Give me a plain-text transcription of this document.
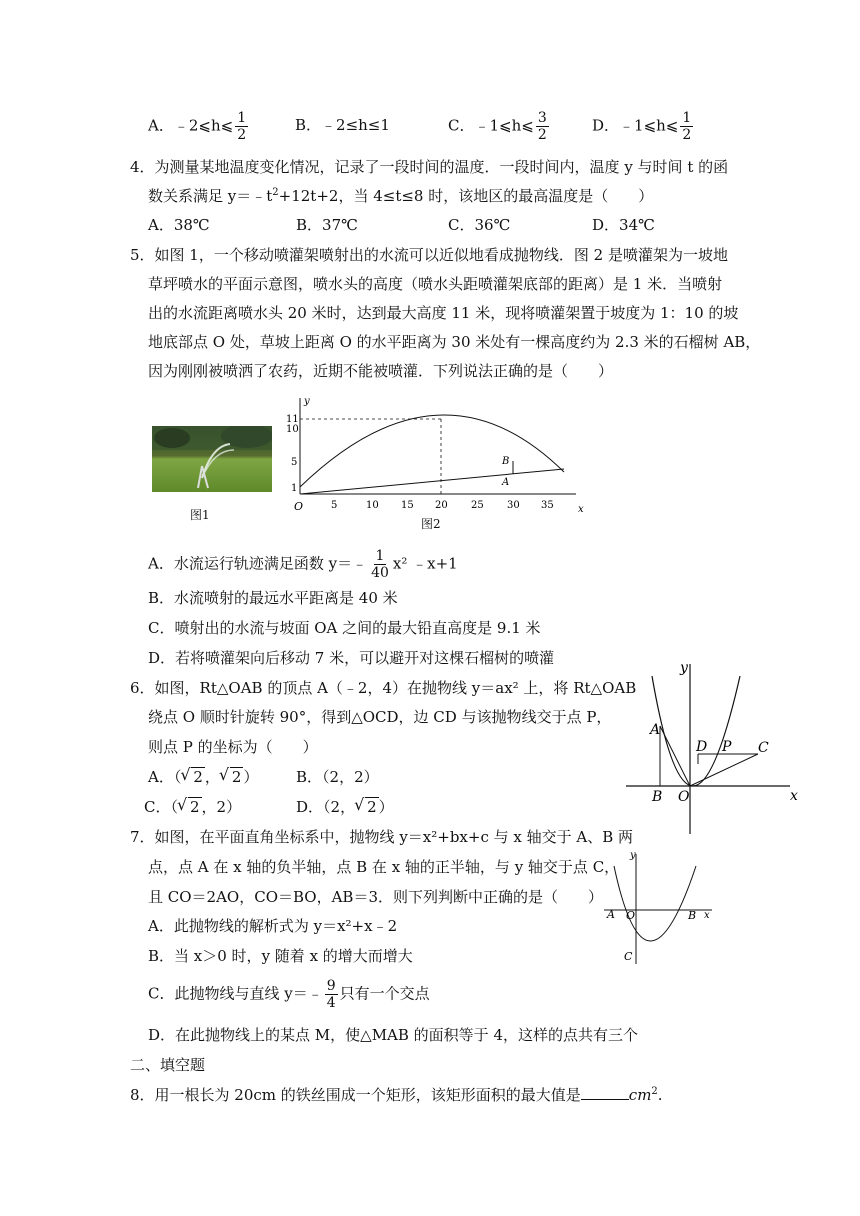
A．﹣2⩽h⩽ $\frac{1}{2}$	B．﹣2≤h≤1	C．﹣1⩽h⩽ $\frac{3}{2}$	D．﹣1⩽h⩽ $\frac{1}{2}$
4．为测量某地温度变化情况，记录了一段时间的温度．一段时间内，温度 y 与时间 t 的函
数关系满足 $y=﹣t^2+12t+2$，当 4≤t≤8 时，该地区的最高温度是（　　）
A．38℃	B．37℃	C．36℃	D．34℃
5．如图 1，一个移动喷灌架喷射出的水流可以近似地看成抛物线．图 2 是喷灌架为一坡地
草坪喷水的平面示意图，喷水头的高度（喷水头距喷灌架底部的距离）是 1 米．当喷射
出的水流距离喷水头 20 米时，达到最大高度 11 米，现将喷灌架置于坡度为 1：10 的坡
地底部点 O 处，草坡上距离 O 的水平距离为 30 米处有一棵高度约为 2.3 米的石榴树 AB，
因为刚刚被喷洒了农药，近期不能被喷灌．下列说法正确的是（　　）
图1
11
10
5
1
5	10 15 20 25 30 35
O	x
y
B
A
图2
A．水流运行轨迹满足函数 y＝﹣ $\frac{1}{40} x^2$ ﹣x+1
B．水流喷射的最远水平距离是 40 米
C．喷射出的水流与坡面 OA 之间的最大铅直高度是 9.1 米
D．若将喷灌架向后移动 7 米，可以避开对这棵石榴树的喷灌
6．如图，Rt△OAB 的顶点 A（﹣2，4）在抛物线 y＝ax² 上，将 Rt△OAB
绕点 O 顺时针旋转 90°，得到△OCD，边 CD 与该抛物线交于点 P，
则点 P 的坐标为（　　）
A．（ √ 2 ， √ 2 ）	B．（2，2）
C．（ √ 2 ，2）	D．（2， √ 2 ）
y
x
A
B O
D P C
7．如图，在平面直角坐标系中，抛物线 y＝x²+bx+c 与 x 轴交于 A、B 两
点，点 A 在 x 轴的负半轴，点 B 在 x 轴的正半轴，与 y 轴交于点 C，
且 CO＝2AO，CO＝BO，AB＝3．则下列判断中正确的是（　　）
A．此抛物线的解析式为 y＝x²+x﹣2
B．当 x＞0 时，y 随着 x 的增大而增大
C．此抛物线与直线 y＝﹣ $\frac{9}{4}$ 只有一个交点
D．在此抛物线上的某点 M，使△MAB 的面积等于 4，这样的点共有三个
y
x
A O	B
C
二、填空题
8．用一根长为 20cm 的铁丝围成一个矩形，该矩形面积的最大值是	$cm^2$.
